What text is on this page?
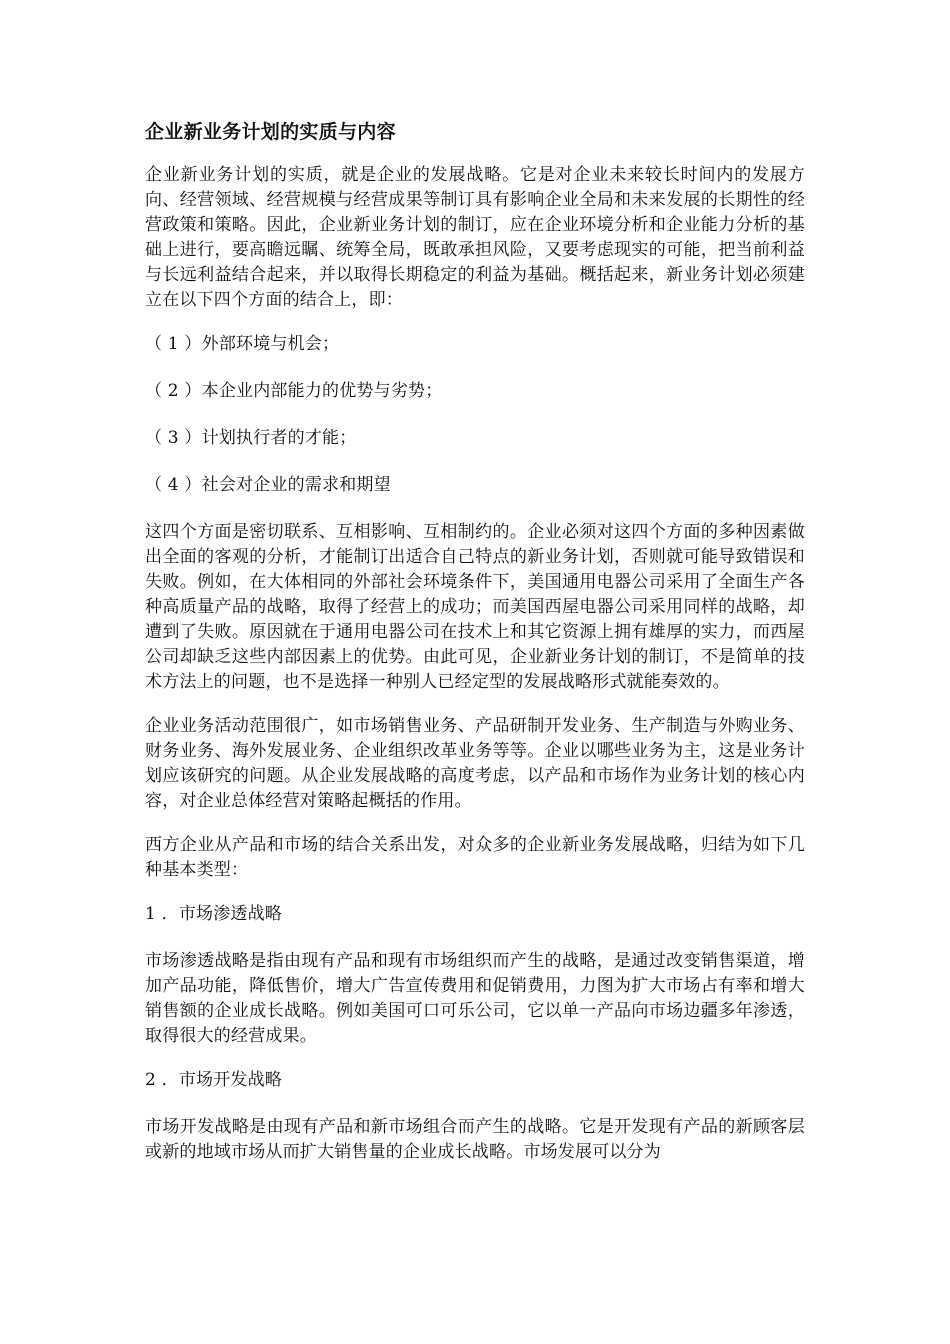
企业新业务计划的实质与内容

企业新业务计划的实质，就是企业的发展战略。它是对企业未来较长时间内的发展方向、经营领域、经营规模与经营成果等制订具有影响企业全局和未来发展的长期性的经营政策和策略。因此，企业新业务计划的制订，应在企业环境分析和企业能力分析的基础上进行，要高瞻远瞩、统筹全局，既敢承担风险，又要考虑现实的可能，把当前利益与长远利益结合起来，并以取得长期稳定的利益为基础。概括起来，新业务计划必须建立在以下四个方面的结合上，即：

（ 1 ）外部环境与机会；

（ 2 ）本企业内部能力的优势与劣势；

（ 3 ）计划执行者的才能；

（ 4 ）社会对企业的需求和期望

这四个方面是密切联系、互相影响、互相制约的。企业必须对这四个方面的多种因素做出全面的客观的分析，才能制订出适合自己特点的新业务计划，否则就可能导致错误和失败。例如，在大体相同的外部社会环境条件下，美国通用电器公司采用了全面生产各种高质量产品的战略，取得了经营上的成功；而美国西屋电器公司采用同样的战略，却遭到了失败。原因就在于通用电器公司在技术上和其它资源上拥有雄厚的实力，而西屋公司却缺乏这些内部因素上的优势。由此可见，企业新业务计划的制订，不是简单的技术方法上的问题，也不是选择一种别人已经定型的发展战略形式就能奏效的。

企业业务活动范围很广，如市场销售业务、产品研制开发业务、生产制造与外购业务、财务业务、海外发展业务、企业组织改革业务等等。企业以哪些业务为主，这是业务计划应该研究的问题。从企业发展战略的高度考虑，以产品和市场作为业务计划的核心内容，对企业总体经营对策略起概括的作用。

西方企业从产品和市场的结合关系出发，对众多的企业新业务发展战略，归结为如下几种基本类型：

1 ．市场渗透战略

市场渗透战略是指由现有产品和现有市场组织而产生的战略，是通过改变销售渠道，增加产品功能，降低售价，增大广告宣传费用和促销费用，力图为扩大市场占有率和增大销售额的企业成长战略。例如美国可口可乐公司，它以单一产品向市场边疆多年渗透，取得很大的经营成果。

2 ．市场开发战略

市场开发战略是由现有产品和新市场组合而产生的战略。它是开发现有产品的新顾客层或新的地域市场从而扩大销售量的企业成长战略。市场发展可以分为
